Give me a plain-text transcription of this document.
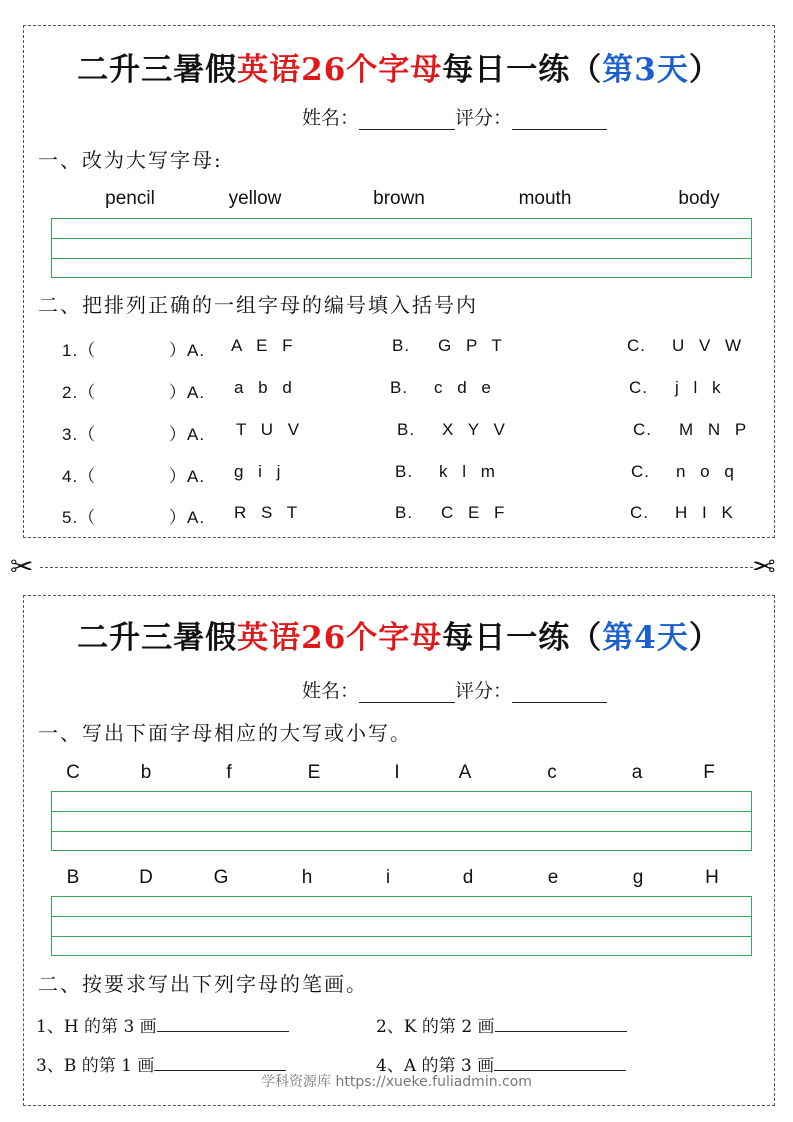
二升三暑假英语26个字母每日一练（第3天）
姓名：	评分：
一、改为大写字母:
pencil	yellow	brown	mouth	body
二、把排列正确的一组字母的编号填入括号内
1.（	）A. A E F	B. G P T	C. U V W
2.（	）A. a b d	B. c d e	C. j l k
3.（	）A. T U V	B. X Y V	C. M N P
4.（	）A. g i j	B. k l m	C. n o q
5.（	）A. R S T	B. C E F	C. H I K
✂	✂
二升三暑假英语26个字母每日一练（第4天）
姓名：	评分：
一、写出下面字母相应的大写或小写。
C	b	f	E	I	A	c	a	F
B	D	G	h	i	d	e	g	H
二、按要求写出下列字母的笔画。
1、H 的第 3 画	2、K 的第 2 画
3、B 的第 1 画	4、A 的第 3 画
学科资源库 https://xueke.fuliadmin.com
